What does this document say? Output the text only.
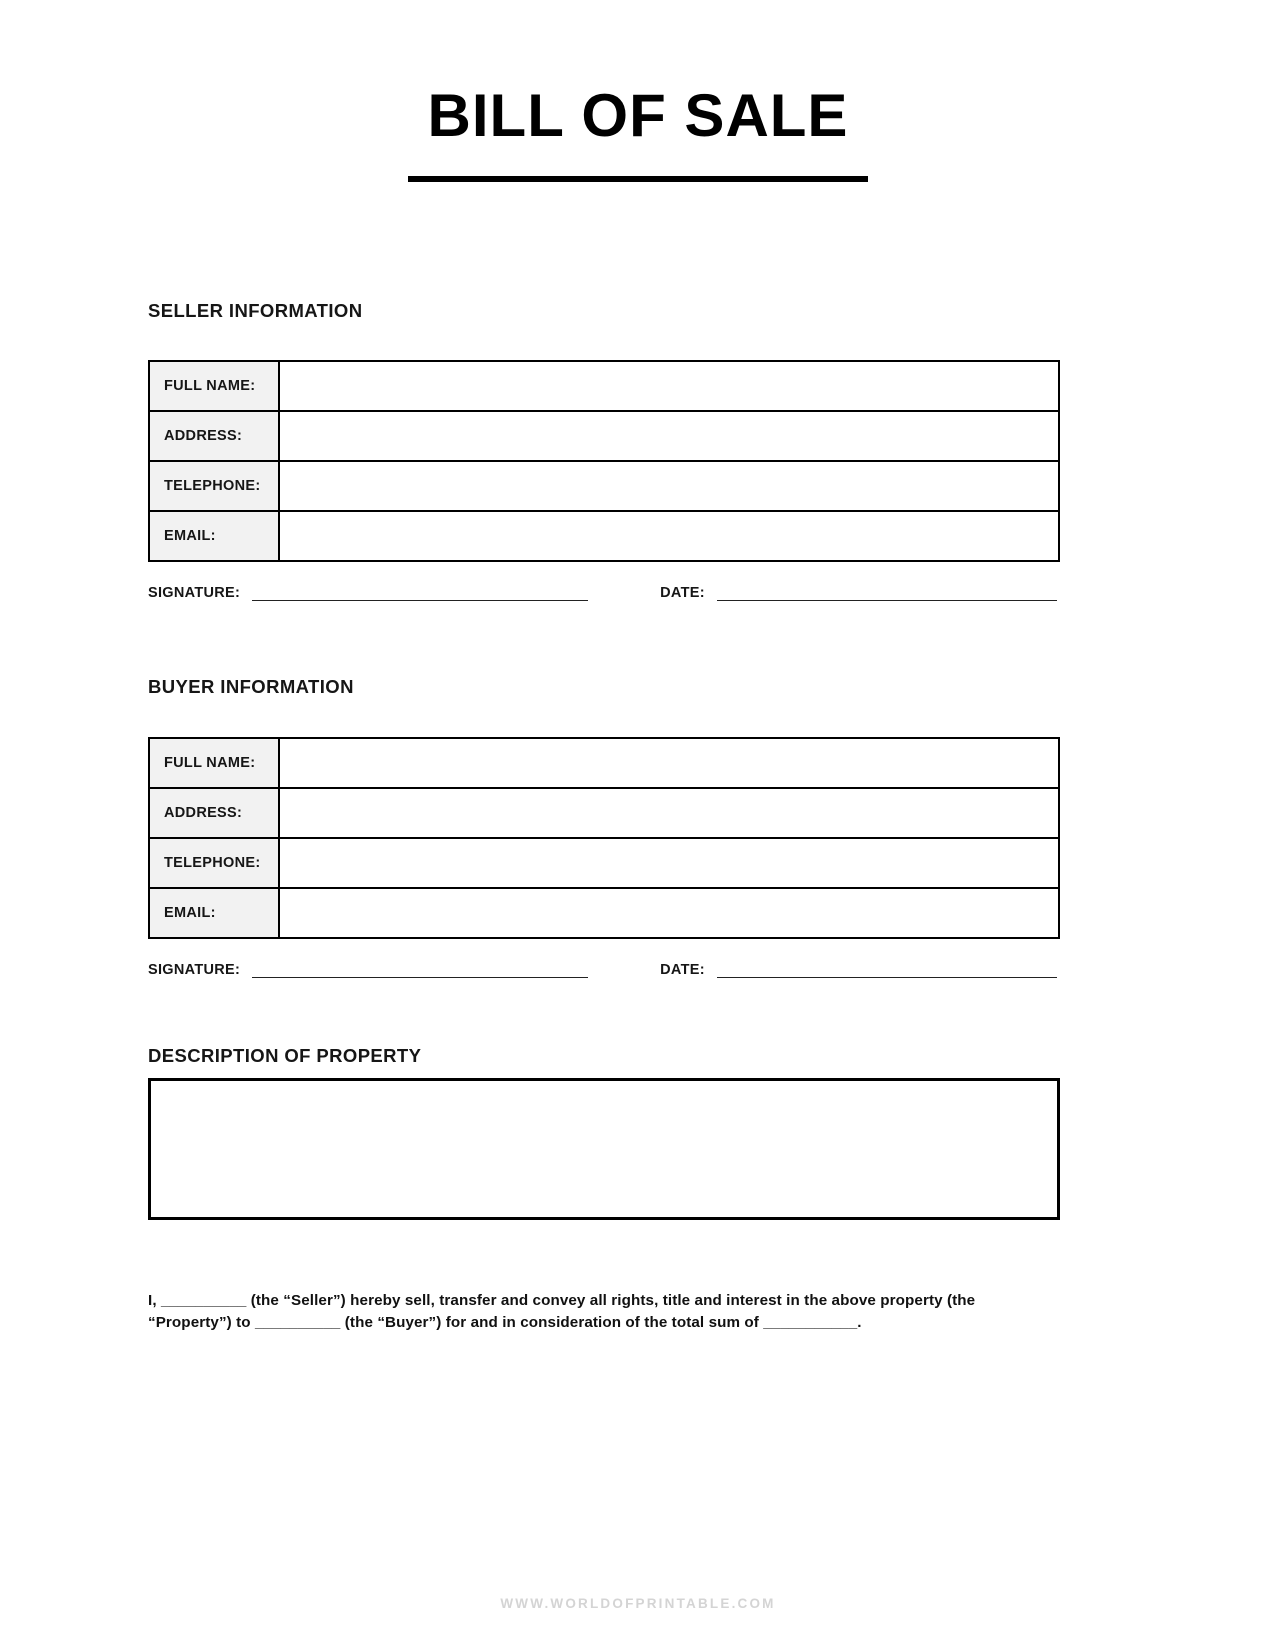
BILL OF SALE
SELLER INFORMATION
FULL NAME:	
ADDRESS:	
TELEPHONE:	
EMAIL:	
SIGNATURE:	DATE:
BUYER INFORMATION
FULL NAME:	
ADDRESS:	
TELEPHONE:	
EMAIL:	
SIGNATURE:	DATE:
DESCRIPTION OF PROPERTY

I, __________ (the “Seller”) hereby sell, transfer and convey all rights, title and interest in the above property (the “Property”) to __________ (the “Buyer”) for and in consideration of the total sum of ___________.

WWW.WORLDOFPRINTABLE.COM
